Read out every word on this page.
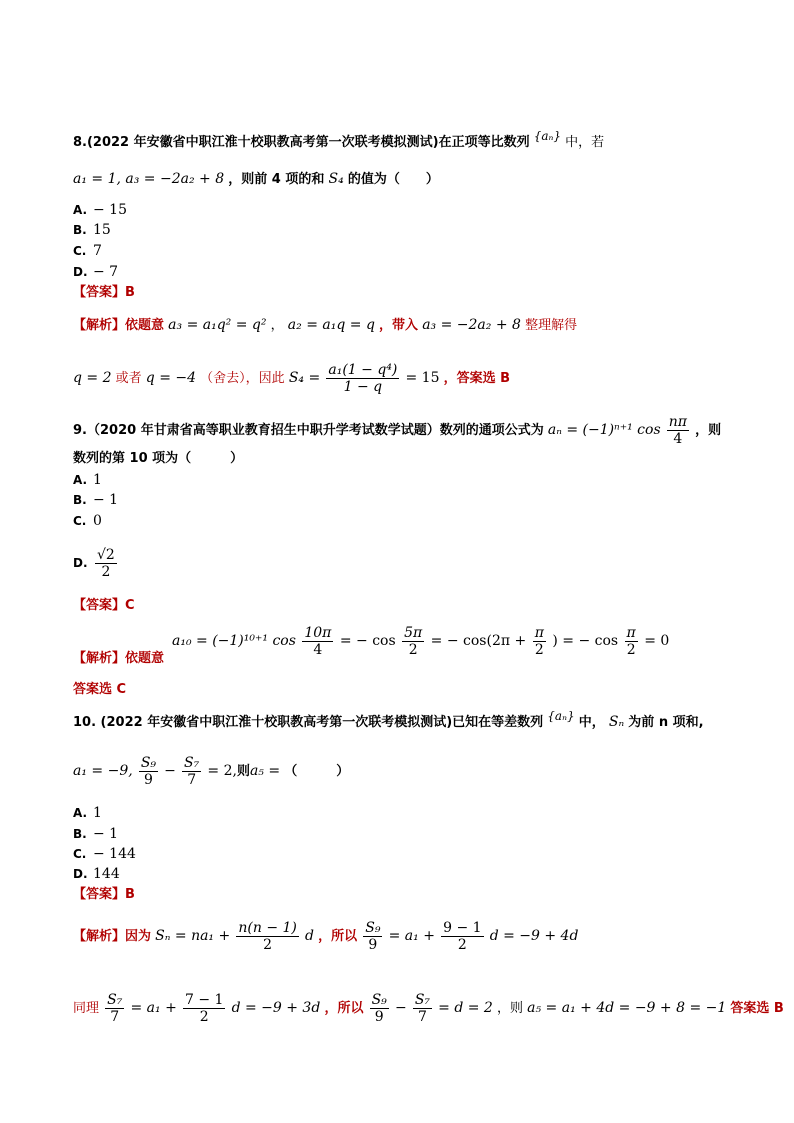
8.(2022 年安徽省中职江淮十校职教高考第一次联考模拟测试)在正项等比数列 {aₙ} 中，若
a₁ = 1, a₃ = −2a₂ + 8 ，则前 4 项的和 S₄ 的值为（　　）
A. − 15
B. 15
C. 7
D. − 7
【答案】B
【解析】依题意 a₃ = a₁q² = q² ， a₂ = a₁q = q ，带入 a₃ = −2a₂ + 8 整理解得
q = 2 或者 q = −4 （舍去），因此 $S_4 = \frac{\text{a₁(1 − q⁴)}}{1 - q} = 15$ ，答案选 B
9.（2020 年甘肃省高等职业教育招生中职升学考试数学试题）数列的通项公式为 aₙ = (−1)ⁿ⁺¹ $\cos \frac{n\pi}{4}$ ，则
数列的第 10 项为（　　　）
A. 1
B. − 1
C. 0
D. $\frac{√2}{2}$
【答案】C
【解析】依题意
a₁₀ = (−1)¹⁰⁺¹ $\cos \frac{10\pi}{4}$ = − $\cos \frac{5\pi}{2}$ = − $\cos(2\pi + \frac{\pi}{2}$ ) = − $\cos \frac{\pi}{2} = 0$
答案选 C
10. (2022 年安徽省中职江淮十校职教高考第一次联考模拟测试)已知在等差数列 {aₙ} 中， Sₙ 为前 n 项和,
a₁ = −9, $\frac{\text{S₉}}{9} - \frac{\text{S₇}}{7} = 2$,则a₅ = （　　　）
A. 1
B. − 1
C. − 144
D. 144
【答案】B
【解析】因为 $S_n = na_1 + \frac{n(n - 1)}{2}$ d ，所以 $\frac{\text{S₉}}{9} = a_1 + \frac{9 - 1}{2}$ d = −9 + 4d
同理 $\frac{\text{S₇}}{7} = a_1 + \frac{7 - 1}{2}$ d = −9 + 3d ，所以 $\frac{\text{S₉}}{9} - \frac{\text{S₇}}{7} = d = 2$ ，则 a₅ = a₁ + 4d = −9 + 8 = −1 答案选 B
